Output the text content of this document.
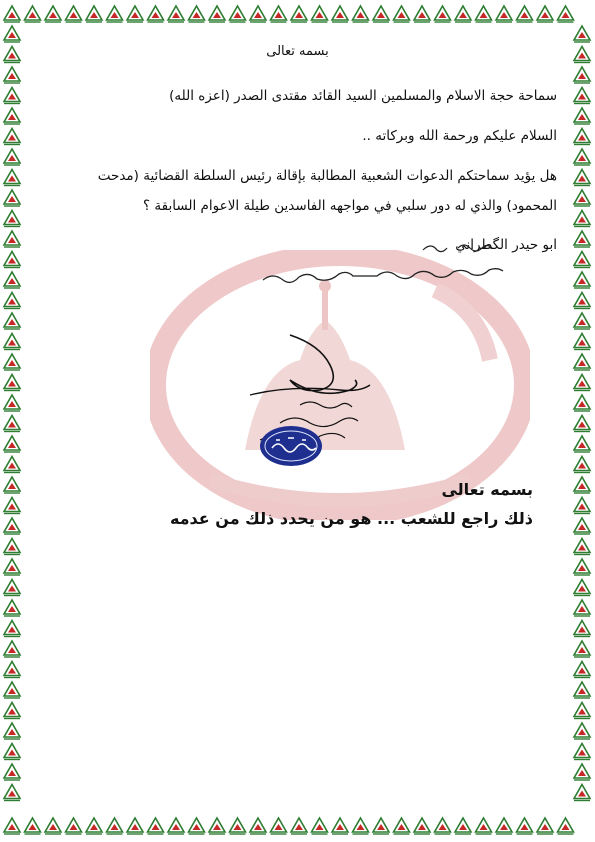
بسمه تعالى
سماحة حجة الاسلام والمسلمين السيد القائد مقتدى الصدر (اعزه الله)
السلام عليكم ورحمة الله وبركاته ..
هل يؤيد سماحتكم الدعوات الشعبية المطالبة بإقالة رئيس السلطة القضائية (مدحت
المحمود) والذي له دور سلبي في مواجهه الفاسدين طيلة الاعوام السابقة ؟
ابو حيدر الگطراني
بسمه تعالى
ذلك راجع للشعب ... هو من يحدد ذلك من عدمه
